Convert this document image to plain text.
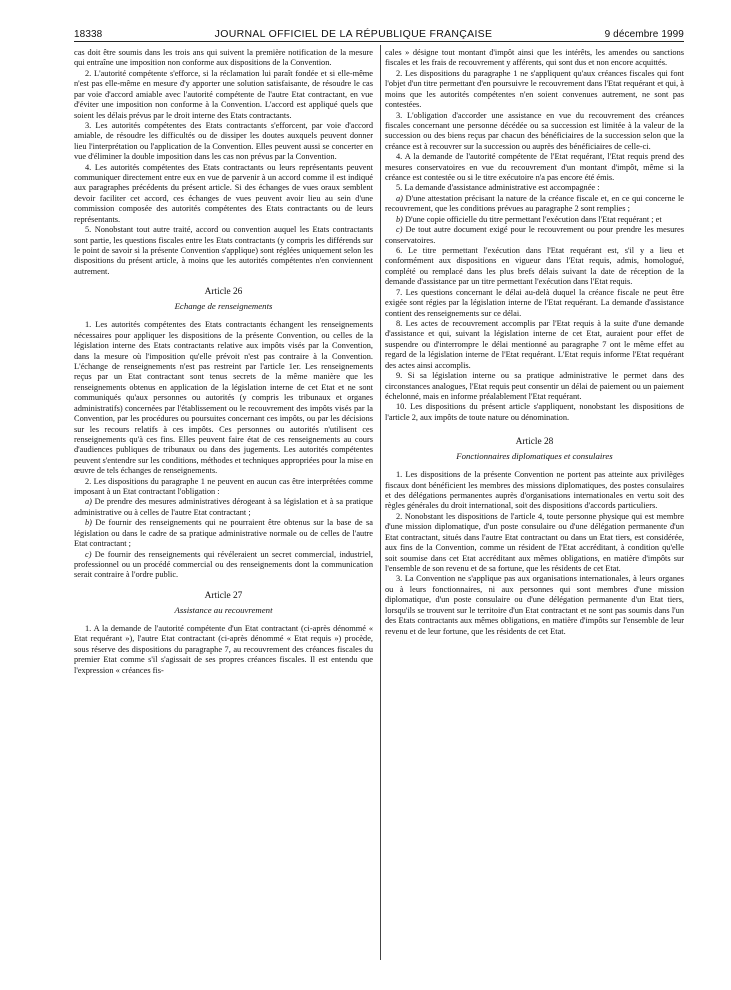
18338	JOURNAL OFFICIEL DE LA RÉPUBLIQUE FRANÇAISE	9 décembre 1999

cas doit être soumis dans les trois ans qui suivent la première notification de la mesure qui entraîne une imposition non conforme aux dispositions de la Convention.

2. L'autorité compétente s'efforce, si la réclamation lui paraît fondée et si elle-même n'est pas elle-même en mesure d'y apporter une solution satisfaisante, de résoudre le cas par voie d'accord amiable avec l'autorité compétente de l'autre Etat contractant, en vue d'éviter une imposition non conforme à la Convention. L'accord est appliqué quels que soient les délais prévus par le droit interne des Etats contractants.

3. Les autorités compétentes des Etats contractants s'efforcent, par voie d'accord amiable, de résoudre les difficultés ou de dissiper les doutes auxquels peuvent donner lieu l'interprétation ou l'application de la Convention. Elles peuvent aussi se concerter en vue d'éliminer la double imposition dans les cas non prévus par la Convention.

4. Les autorités compétentes des Etats contractants ou leurs représentants peuvent communiquer directement entre eux en vue de parvenir à un accord comme il est indiqué aux paragraphes précédents du présent article. Si des échanges de vues oraux semblent devoir faciliter cet accord, ces échanges de vues peuvent avoir lieu au sein d'une commission composée des autorités compétentes des Etats contractants ou de leurs représentants.

5. Nonobstant tout autre traité, accord ou convention auquel les Etats contractants sont partie, les questions fiscales entre les Etats contractants (y compris les différends sur le point de savoir si la présente Convention s'applique) sont réglées uniquement selon les dispositions du présent article, à moins que les autorités compétentes n'en conviennent autrement.

Article 26
Echange de renseignements

1. Les autorités compétentes des Etats contractants échangent les renseignements nécessaires pour appliquer les dispositions de la présente Convention, ou celles de la législation interne des Etats contractants relative aux impôts visés par la Convention, dans la mesure où l'imposition qu'elle prévoit n'est pas contraire à la Convention. L'échange de renseignements n'est pas restreint par l'article 1er. Les renseignements reçus par un Etat contractant sont tenus secrets de la même manière que les renseignements obtenus en application de la législation interne de cet Etat et ne sont communiqués qu'aux personnes ou autorités (y compris les tribunaux et organes administratifs) concernées par l'établissement ou le recouvrement des impôts visés par la Convention, par les procédures ou poursuites concernant ces impôts, ou par les décisions sur les recours relatifs à ces impôts. Ces personnes ou autorités n'utilisent ces renseignements qu'à ces fins. Elles peuvent faire état de ces renseignements au cours d'audiences publiques de tribunaux ou dans des jugements. Les autorités compétentes peuvent s'entendre sur les conditions, méthodes et techniques appropriées pour la mise en œuvre de tels échanges de renseignements.

2. Les dispositions du paragraphe 1 ne peuvent en aucun cas être interprétées comme imposant à un Etat contractant l'obligation :

a) De prendre des mesures administratives dérogeant à sa législation et à sa pratique administrative ou à celles de l'autre Etat contractant ;

b) De fournir des renseignements qui ne pourraient être obtenus sur la base de sa législation ou dans le cadre de sa pratique administrative normale ou de celles de l'autre Etat contractant ;

c) De fournir des renseignements qui révéleraient un secret commercial, industriel, professionnel ou un procédé commercial ou des renseignements dont la communication serait contraire à l'ordre public.

Article 27
Assistance au recouvrement

1. A la demande de l'autorité compétente d'un Etat contractant (ci-après dénommé « Etat requérant »), l'autre Etat contractant (ci-après dénommé « Etat requis ») procède, sous réserve des dispositions du paragraphe 7, au recouvrement des créances fiscales du premier Etat comme s'il s'agissait de ses propres créances fiscales. Il est entendu que l'expression « créances fis-

cales » désigne tout montant d'impôt ainsi que les intérêts, les amendes ou sanctions fiscales et les frais de recouvrement y afférents, qui sont dus et non encore acquittés.

2. Les dispositions du paragraphe 1 ne s'appliquent qu'aux créances fiscales qui font l'objet d'un titre permettant d'en poursuivre le recouvrement dans l'Etat requérant et qui, à moins que les autorités compétentes n'en soient convenues autrement, ne sont pas contestées.

3. L'obligation d'accorder une assistance en vue du recouvrement des créances fiscales concernant une personne décédée ou sa succession est limitée à la valeur de la succession ou des biens reçus par chacun des bénéficiaires de la succession selon que la créance est à recouvrer sur la succession ou auprès des bénéficiaires de celle-ci.

4. A la demande de l'autorité compétente de l'Etat requérant, l'Etat requis prend des mesures conservatoires en vue du recouvrement d'un montant d'impôt, même si la créance est contestée ou si le titre exécutoire n'a pas encore été émis.

5. La demande d'assistance administrative est accompagnée :

a) D'une attestation précisant la nature de la créance fiscale et, en ce qui concerne le recouvrement, que les conditions prévues au paragraphe 2 sont remplies ;

b) D'une copie officielle du titre permettant l'exécution dans l'Etat requérant ; et

c) De tout autre document exigé pour le recouvrement ou pour prendre les mesures conservatoires.

6. Le titre permettant l'exécution dans l'Etat requérant est, s'il y a lieu et conformément aux dispositions en vigueur dans l'Etat requis, admis, homologué, complété ou remplacé dans les plus brefs délais suivant la date de réception de la demande d'assistance par un titre permettant l'exécution dans l'Etat requis.

7. Les questions concernant le délai au-delà duquel la créance fiscale ne peut être exigée sont régies par la législation interne de l'Etat requérant. La demande d'assistance contient des renseignements sur ce délai.

8. Les actes de recouvrement accomplis par l'Etat requis à la suite d'une demande d'assistance et qui, suivant la législation interne de cet Etat, auraient pour effet de suspendre ou d'interrompre le délai mentionné au paragraphe 7 ont le même effet au regard de la législation interne de l'Etat requérant. L'Etat requis informe l'Etat requérant des actes ainsi accomplis.

9. Si sa législation interne ou sa pratique administrative le permet dans des circonstances analogues, l'Etat requis peut consentir un délai de paiement ou un paiement échelonné, mais en informe préalablement l'Etat requérant.

10. Les dispositions du présent article s'appliquent, nonobstant les dispositions de l'article 2, aux impôts de toute nature ou dénomination.

Article 28
Fonctionnaires diplomatiques et consulaires

1. Les dispositions de la présente Convention ne portent pas atteinte aux privilèges fiscaux dont bénéficient les membres des missions diplomatiques, des postes consulaires et des délégations permanentes auprès d'organisations internationales en vertu soit des règles générales du droit international, soit des dispositions d'accords particuliers.

2. Nonobstant les dispositions de l'article 4, toute personne physique qui est membre d'une mission diplomatique, d'un poste consulaire ou d'une délégation permanente d'un Etat contractant, situés dans l'autre Etat contractant ou dans un Etat tiers, est considérée, aux fins de la Convention, comme un résident de l'Etat accréditant, à condition qu'elle soit soumise dans cet Etat accréditant aux mêmes obligations, en matière d'impôts sur l'ensemble de son revenu et de sa fortune, que les résidents de cet Etat.

3. La Convention ne s'applique pas aux organisations internationales, à leurs organes ou à leurs fonctionnaires, ni aux personnes qui sont membres d'une mission diplomatique, d'un poste consulaire ou d'une délégation permanente d'un Etat tiers, lorsqu'ils se trouvent sur le territoire d'un Etat contractant et ne sont pas soumis dans l'un des Etats contractants aux mêmes obligations, en matière d'impôts sur l'ensemble de leur revenu et de leur fortune, que les résidents de cet Etat.
